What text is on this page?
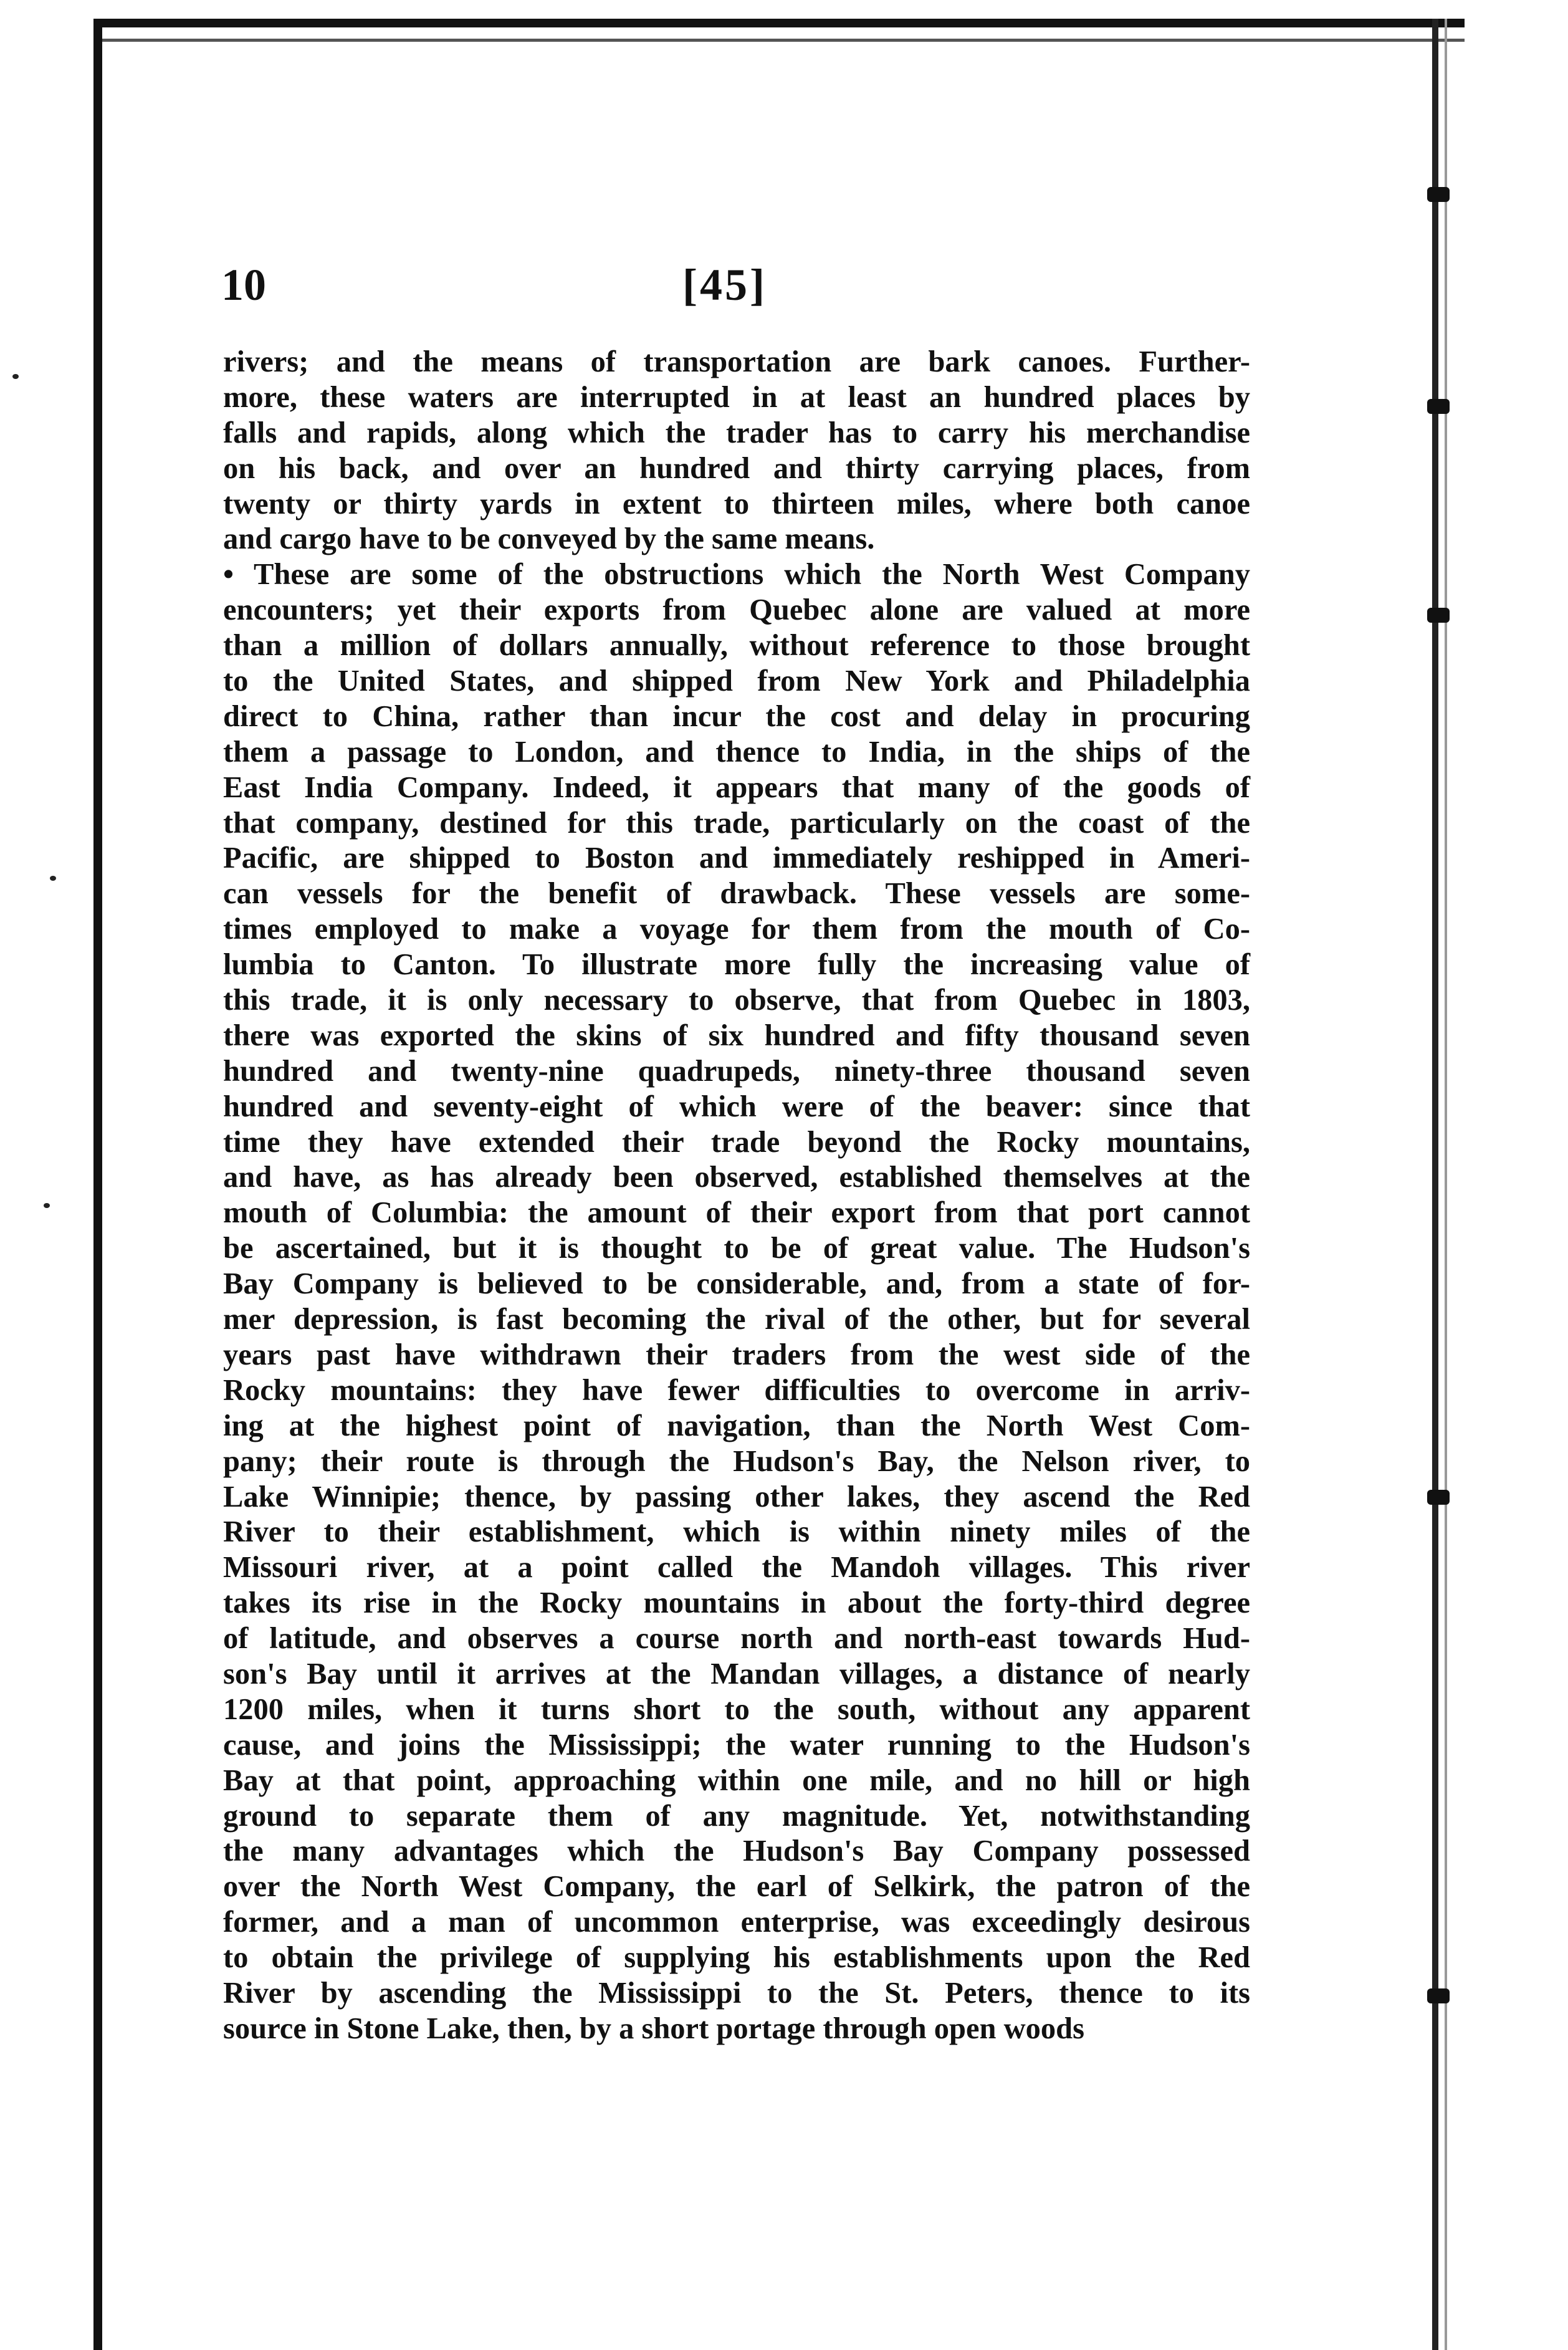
10	[45]
rivers; and the means of transportation are bark canoes. Further-
more, these waters are interrupted in at least an hundred places by
falls and rapids, along which the trader has to carry his merchandise
on his back, and over an hundred and thirty carrying places, from
twenty or thirty yards in extent to thirteen miles, where both canoe
and cargo have to be conveyed by the same means.
• These are some of the obstructions which the North West Company
encounters; yet their exports from Quebec alone are valued at more
than a million of dollars annually, without reference to those brought
to the United States, and shipped from New York and Philadelphia
direct to China, rather than incur the cost and delay in procuring
them a passage to London, and thence to India, in the ships of the
East India Company. Indeed, it appears that many of the goods of
that company, destined for this trade, particularly on the coast of the
Pacific, are shipped to Boston and immediately reshipped in Ameri-
can vessels for the benefit of drawback. These vessels are some-
times employed to make a voyage for them from the mouth of Co-
lumbia to Canton. To illustrate more fully the increasing value of
this trade, it is only necessary to observe, that from Quebec in 1803,
there was exported the skins of six hundred and fifty thousand seven
hundred and twenty-nine quadrupeds, ninety-three thousand seven
hundred and seventy-eight of which were of the beaver: since that
time they have extended their trade beyond the Rocky mountains,
and have, as has already been observed, established themselves at the
mouth of Columbia: the amount of their export from that port cannot
be ascertained, but it is thought to be of great value. The Hudson's
Bay Company is believed to be considerable, and, from a state of for-
mer depression, is fast becoming the rival of the other, but for several
years past have withdrawn their traders from the west side of the
Rocky mountains: they have fewer difficulties to overcome in arriv-
ing at the highest point of navigation, than the North West Com-
pany; their route is through the Hudson's Bay, the Nelson river, to
Lake Winnipie; thence, by passing other lakes, they ascend the Red
River to their establishment, which is within ninety miles of the
Missouri river, at a point called the Mandoh villages. This river
takes its rise in the Rocky mountains in about the forty-third degree
of latitude, and observes a course north and north-east towards Hud-
son's Bay until it arrives at the Mandan villages, a distance of nearly
1200 miles, when it turns short to the south, without any apparent
cause, and joins the Mississippi; the water running to the Hudson's
Bay at that point, approaching within one mile, and no hill or high
ground to separate them of any magnitude. Yet, notwithstanding
the many advantages which the Hudson's Bay Company possessed
over the North West Company, the earl of Selkirk, the patron of the
former, and a man of uncommon enterprise, was exceedingly desirous
to obtain the privilege of supplying his establishments upon the Red
River by ascending the Mississippi to the St. Peters, thence to its
source in Stone Lake, then, by a short portage through open woods
